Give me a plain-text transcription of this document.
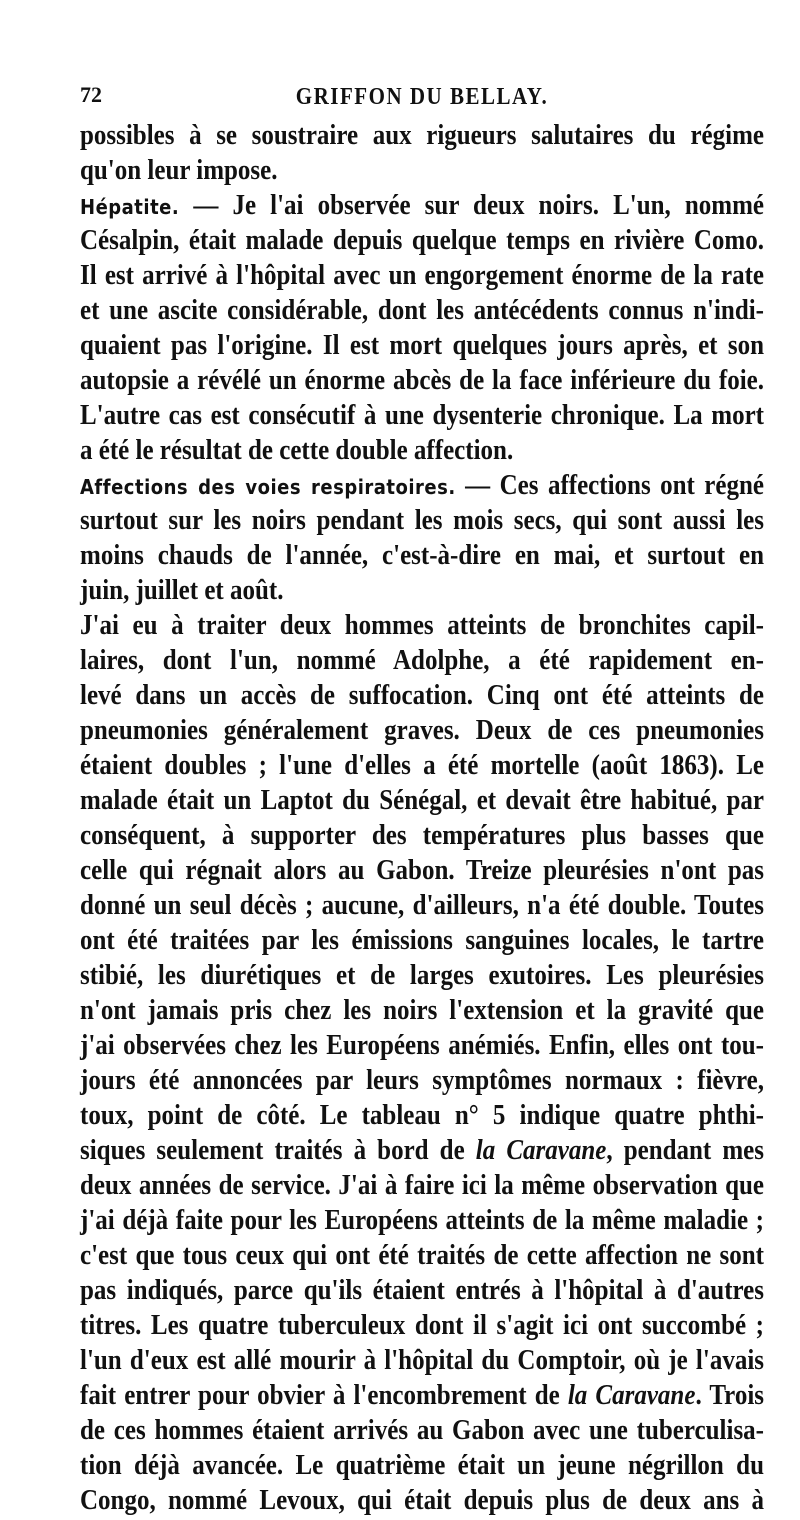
72	GRIFFON DU BELLAY.
possibles à se soustraire aux rigueurs salutaires du régime
qu'on leur impose.
Hépatite. — Je l'ai observée sur deux noirs. L'un, nommé
Césalpin, était malade depuis quelque temps en rivière Como.
Il est arrivé à l'hôpital avec un engorgement énorme de la rate
et une ascite considérable, dont les antécédents connus n'indi-
quaient pas l'origine. Il est mort quelques jours après, et son
autopsie a révélé un énorme abcès de la face inférieure du foie.
L'autre cas est consécutif à une dysenterie chronique. La mort
a été le résultat de cette double affection.
Affections des voies respiratoires. — Ces affections ont régné
surtout sur les noirs pendant les mois secs, qui sont aussi les
moins chauds de l'année, c'est-à-dire en mai, et surtout en
juin, juillet et août.
J'ai eu à traiter deux hommes atteints de bronchites capil-
laires, dont l'un, nommé Adolphe, a été rapidement en-
levé dans un accès de suffocation. Cinq ont été atteints de
pneumonies généralement graves. Deux de ces pneumonies
étaient doubles ; l'une d'elles a été mortelle (août 1863). Le
malade était un Laptot du Sénégal, et devait être habitué, par
conséquent, à supporter des températures plus basses que
celle qui régnait alors au Gabon. Treize pleurésies n'ont pas
donné un seul décès ; aucune, d'ailleurs, n'a été double. Toutes
ont été traitées par les émissions sanguines locales, le tartre
stibié, les diurétiques et de larges exutoires. Les pleurésies
n'ont jamais pris chez les noirs l'extension et la gravité que
j'ai observées chez les Européens anémiés. Enfin, elles ont tou-
jours été annoncées par leurs symptômes normaux : fièvre,
toux, point de côté. Le tableau n° 5 indique quatre phthi-
siques seulement traités à bord de la Caravane, pendant mes
deux années de service. J'ai à faire ici la même observation que
j'ai déjà faite pour les Européens atteints de la même maladie ;
c'est que tous ceux qui ont été traités de cette affection ne sont
pas indiqués, parce qu'ils étaient entrés à l'hôpital à d'autres
titres. Les quatre tuberculeux dont il s'agit ici ont succombé ;
l'un d'eux est allé mourir à l'hôpital du Comptoir, où je l'avais
fait entrer pour obvier à l'encombrement de la Caravane. Trois
de ces hommes étaient arrivés au Gabon avec une tuberculisa-
tion déjà avancée. Le quatrième était un jeune négrillon du
Congo, nommé Levoux, qui était depuis plus de deux ans à
